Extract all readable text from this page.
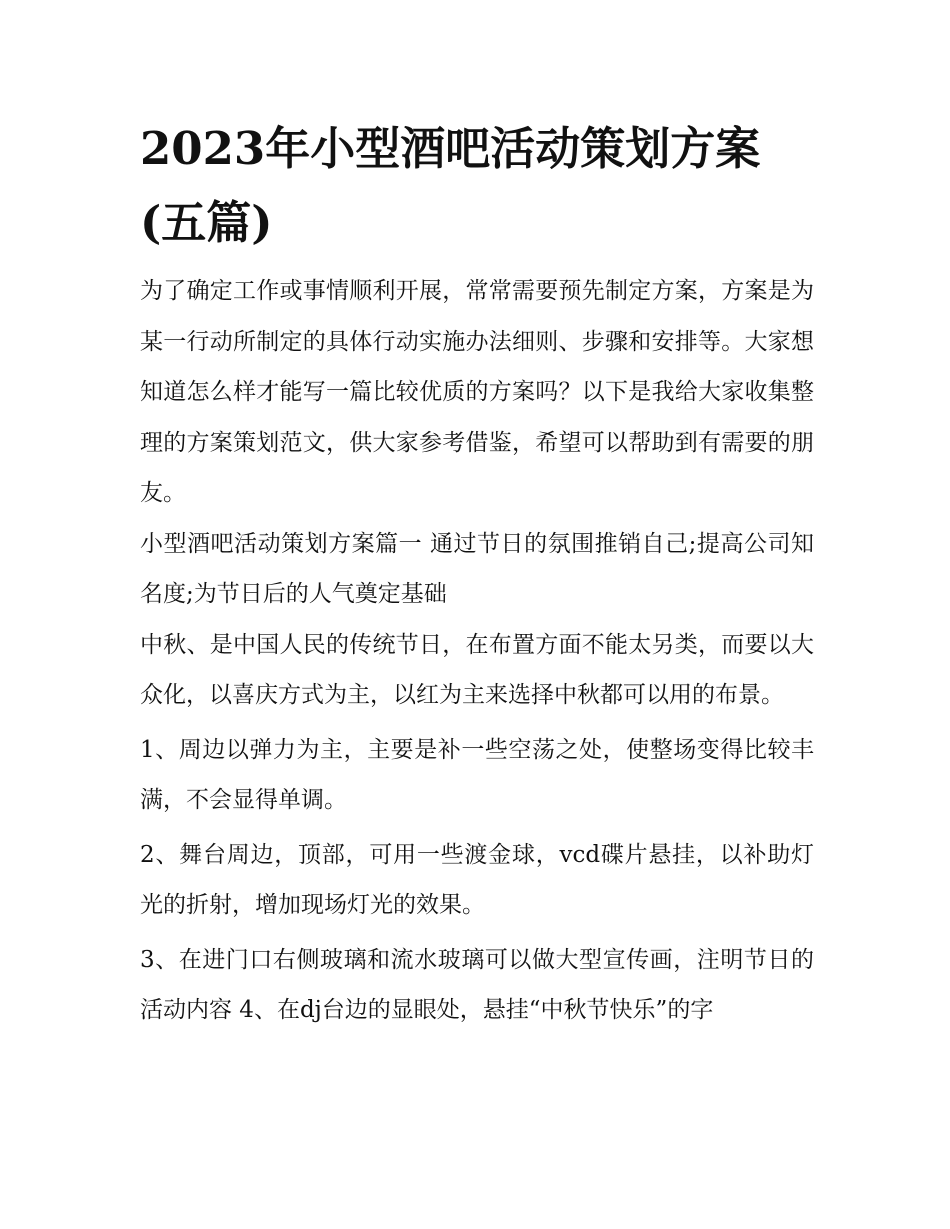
2023年小型酒吧活动策划方案(五篇)

为了确定工作或事情顺利开展，常常需要预先制定方案，方案是为某一行动所制定的具体行动实施办法细则、步骤和安排等。大家想知道怎么样才能写一篇比较优质的方案吗？以下是我给大家收集整理的方案策划范文，供大家参考借鉴，希望可以帮助到有需要的朋友。

小型酒吧活动策划方案篇一 通过节日的氛围推销自己;提高公司知名度;为节日后的人气奠定基础

中秋、是中国人民的传统节日，在布置方面不能太另类，而要以大众化，以喜庆方式为主，以红为主来选择中秋都可以用的布景。

1、周边以弹力为主，主要是补一些空荡之处，使整场变得比较丰满，不会显得单调。

2、舞台周边，顶部，可用一些渡金球，vcd碟片悬挂，以补助灯光的折射，增加现场灯光的效果。

3、在进门口右侧玻璃和流水玻璃可以做大型宣传画，注明节日的活动内容 4、在dj台边的显眼处，悬挂“中秋节快乐”的字
